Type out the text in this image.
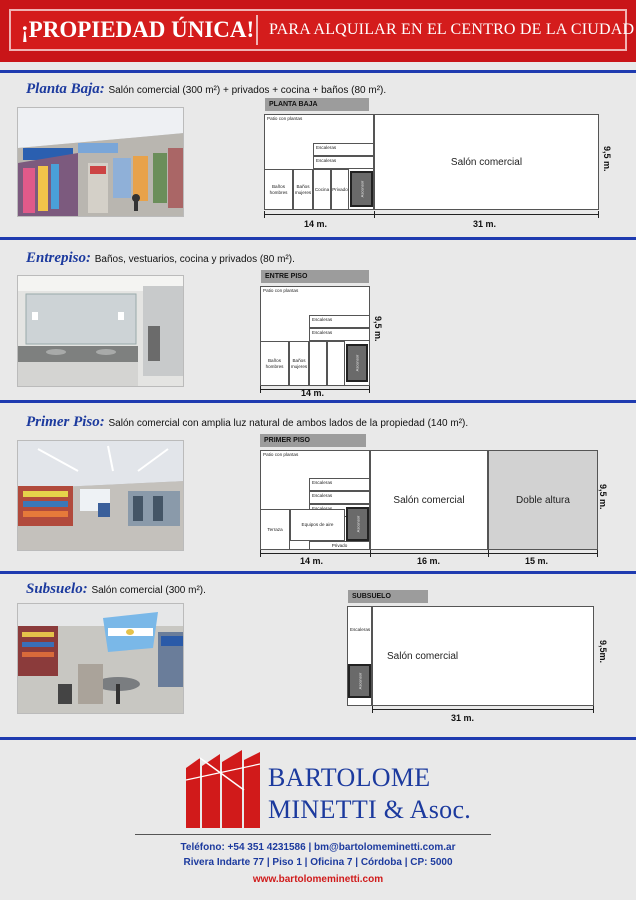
¡PROPIEDAD ÚNICA! PARA ALQUILAR EN EL CENTRO DE LA CIUDAD
Planta Baja: Salón comercial (300 m²) + privados + cocina + baños (80 m²).
PLANTA BAJA
Patio con plantas
Escaleras
Escaleras
Baños hombres
Baños mujeres
Cocina Privado	Ascensor
Salón comercial
14 m.	31 m.
9,5 m.
Entrepiso: Baños, vestuarios, cocina y privados (80 m²).
ENTRE PISO
Patio con plantas
Escaleras
Escaleras
Baños hombres
Baños mujeres	Ascensor
14 m.
9,5 m.
Primer Piso: Salón comercial con amplia luz natural de ambos lados de la propiedad (140 m²).
PRIMER PISO
Patio con plantas
Escaleras
Escaleras
Terraza
Equipos de aire
Privado
Ascensor
Salón comercial	Doble altura
14 m.	16 m.	15 m.
9,5 m.
Subsuelo: Salón comercial (300 m²).
SUBSUELO
Escaleras
Ascensor
Salón comercial
31 m.
9,5m.
BARTOLOME
MINETTI & Asoc.
Teléfono: +54 351 4231586 | bm@bartolomeminetti.com.ar
Rivera Indarte 77 | Piso 1 | Oficina 7 | Córdoba | CP: 5000
www.bartolomeminetti.com
